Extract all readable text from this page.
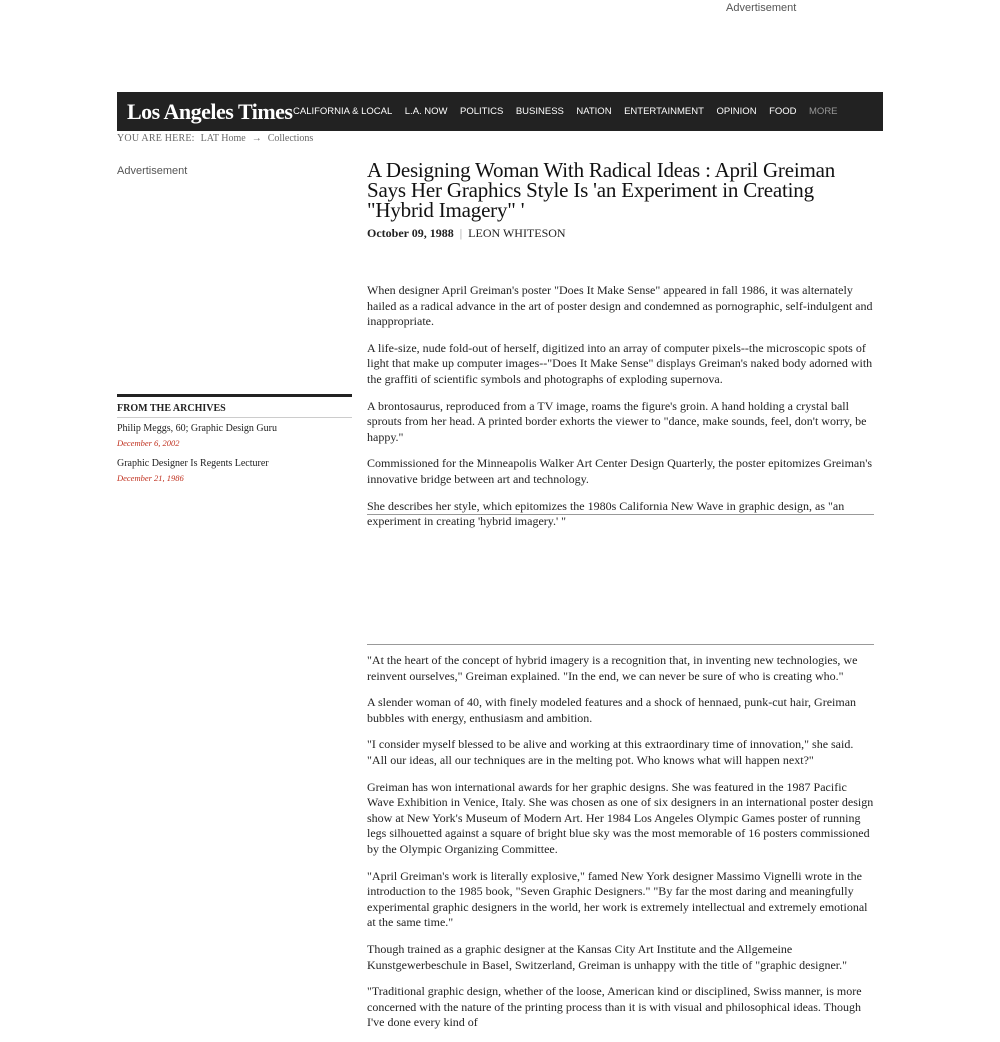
Advertisement
Los Angeles Times CALIFORNIA & LOCAL L.A. NOW POLITICS BUSINESS NATION ENTERTAINMENT OPINION FOOD MORE
YOU ARE HERE: LAT Home → Collections
Advertisement
FROM THE ARCHIVES
Philip Meggs, 60; Graphic Design Guru
December 6, 2002
Graphic Designer Is Regents Lecturer
December 21, 1986
A Designing Woman With Radical Ideas : April Greiman Says Her Graphics Style Is 'an Experiment in Creating "Hybrid Imagery" '
October 09, 1988 | LEON WHITESON

When designer April Greiman's poster "Does It Make Sense" appeared in fall 1986, it was alternately hailed as a radical advance in the art of poster design and condemned as pornographic, self-indulgent and inappropriate.

A life-size, nude fold-out of herself, digitized into an array of computer pixels--the microscopic spots of light that make up computer images--"Does It Make Sense" displays Greiman's naked body adorned with the graffiti of scientific symbols and photographs of exploding supernova.

A brontosaurus, reproduced from a TV image, roams the figure's groin. A hand holding a crystal ball sprouts from her head. A printed border exhorts the viewer to "dance, make sounds, feel, don't worry, be happy."

Commissioned for the Minneapolis Walker Art Center Design Quarterly, the poster epitomizes Greiman's innovative bridge between art and technology.

She describes her style, which epitomizes the 1980s California New Wave in graphic design, as "an experiment in creating 'hybrid imagery.' "

"At the heart of the concept of hybrid imagery is a recognition that, in inventing new technologies, we reinvent ourselves," Greiman explained. "In the end, we can never be sure of who is creating who."

A slender woman of 40, with finely modeled features and a shock of hennaed, punk-cut hair, Greiman bubbles with energy, enthusiasm and ambition.

"I consider myself blessed to be alive and working at this extraordinary time of innovation," she said. "All our ideas, all our techniques are in the melting pot. Who knows what will happen next?"

Greiman has won international awards for her graphic designs. She was featured in the 1987 Pacific Wave Exhibition in Venice, Italy. She was chosen as one of six designers in an international poster design show at New York's Museum of Modern Art. Her 1984 Los Angeles Olympic Games poster of running legs silhouetted against a square of bright blue sky was the most memorable of 16 posters commissioned by the Olympic Organizing Committee.

"April Greiman's work is literally explosive," famed New York designer Massimo Vignelli wrote in the introduction to the 1985 book, "Seven Graphic Designers." "By far the most daring and meaningfully experimental graphic designers in the world, her work is extremely intellectual and extremely emotional at the same time."

Though trained as a graphic designer at the Kansas City Art Institute and the Allgemeine Kunstgewerbeschule in Basel, Switzerland, Greiman is unhappy with the title of "graphic designer."

"Traditional graphic design, whether of the loose, American kind or disciplined, Swiss manner, is more concerned with the nature of the printing process than it is with visual and philosophical ideas. Though I've done every kind of
